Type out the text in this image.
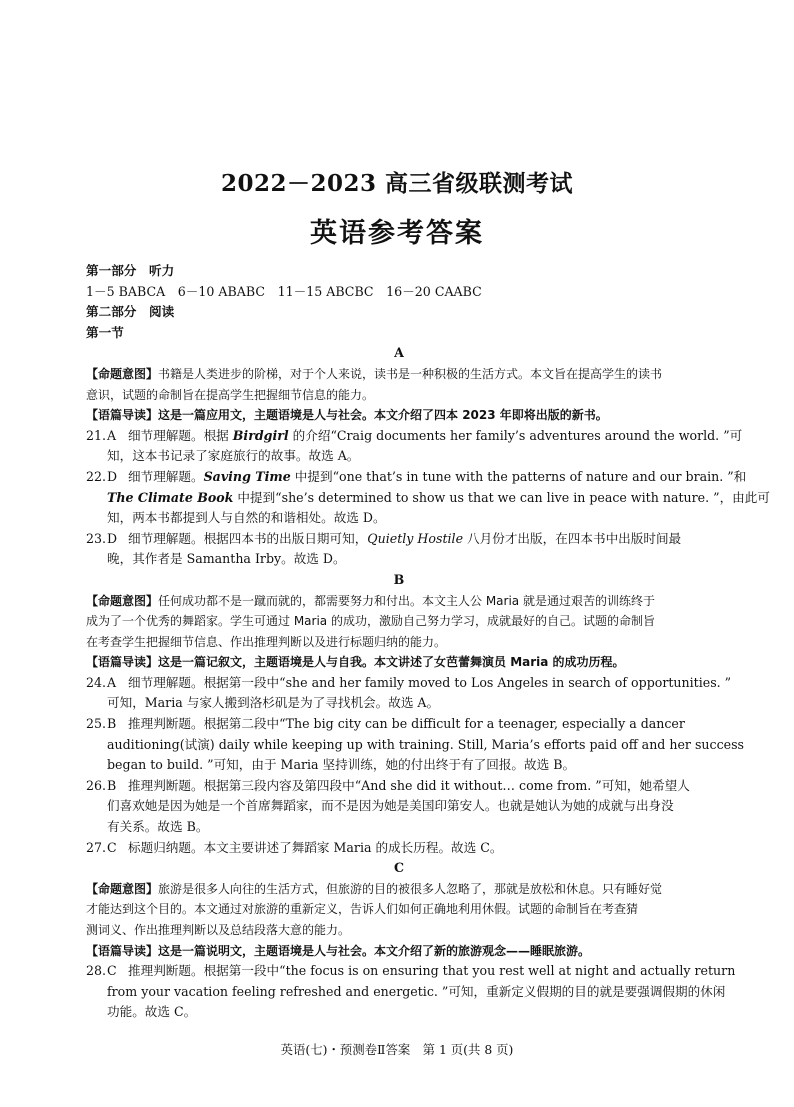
2022－2023 高三省级联测考试
英语参考答案
第一部分　听力
1－5 BABCA　6－10 ABABC　11－15 ABCBC　16－20 CAABC
第二部分　阅读
第一节
A
【命题意图】书籍是人类进步的阶梯，对于个人来说，读书是一种积极的生活方式。本文旨在提高学生的读书
意识，试题的命制旨在提高学生把握细节信息的能力。
【语篇导读】这是一篇应用文，主题语境是人与社会。本文介绍了四本 2023 年即将出版的新书。
21. A 细节理解题。根据 Birdgirl 的介绍“Craig documents her family’s adventures around the world. ”可
知，这本书记录了家庭旅行的故事。故选 A。
22. D 细节理解题。Saving Time 中提到“one that’s in tune with the patterns of nature and our brain. ”和
The Climate Book 中提到“she’s determined to show us that we can live in peace with nature. ”，由此可
知，两本书都提到人与自然的和谐相处。故选 D。
23. D 细节理解题。根据四本书的出版日期可知，Quietly Hostile 八月份才出版，在四本书中出版时间最
晚，其作者是 Samantha Irby。故选 D。
B
【命题意图】任何成功都不是一蹴而就的，都需要努力和付出。本文主人公 Maria 就是通过艰苦的训练终于
成为了一个优秀的舞蹈家。学生可通过 Maria 的成功，激励自己努力学习，成就最好的自己。试题的命制旨
在考查学生把握细节信息、作出推理判断以及进行标题归纳的能力。
【语篇导读】这是一篇记叙文，主题语境是人与自我。本文讲述了女芭蕾舞演员 Maria 的成功历程。
24. A 细节理解题。根据第一段中“she and her family moved to Los Angeles in search of opportunities. ”
可知，Maria 与家人搬到洛杉矶是为了寻找机会。故选 A。
25. B 推理判断题。根据第二段中“The big city can be difficult for a teenager, especially a dancer
auditioning(试演) daily while keeping up with training. Still, Maria’s efforts paid off and her success
began to build. ”可知，由于 Maria 坚持训练，她的付出终于有了回报。故选 B。
26. B 推理判断题。根据第三段内容及第四段中“And she did it without… come from. ”可知，她希望人
们喜欢她是因为她是一个首席舞蹈家，而不是因为她是美国印第安人。也就是她认为她的成就与出身没
有关系。故选 B。
27. C 标题归纳题。本文主要讲述了舞蹈家 Maria 的成长历程。故选 C。
C
【命题意图】旅游是很多人向往的生活方式，但旅游的目的被很多人忽略了，那就是放松和休息。只有睡好觉
才能达到这个目的。本文通过对旅游的重新定义，告诉人们如何正确地利用休假。试题的命制旨在考查猜
测词义、作出推理判断以及总结段落大意的能力。
【语篇导读】这是一篇说明文，主题语境是人与社会。本文介绍了新的旅游观念——睡眠旅游。
28. C 推理判断题。根据第一段中“the focus is on ensuring that you rest well at night and actually return
from your vacation feeling refreshed and energetic. ”可知，重新定义假期的目的就是要强调假期的休闲
功能。故选 C。
英语(七)・预测卷Ⅱ答案　第 1 页(共 8 页)
